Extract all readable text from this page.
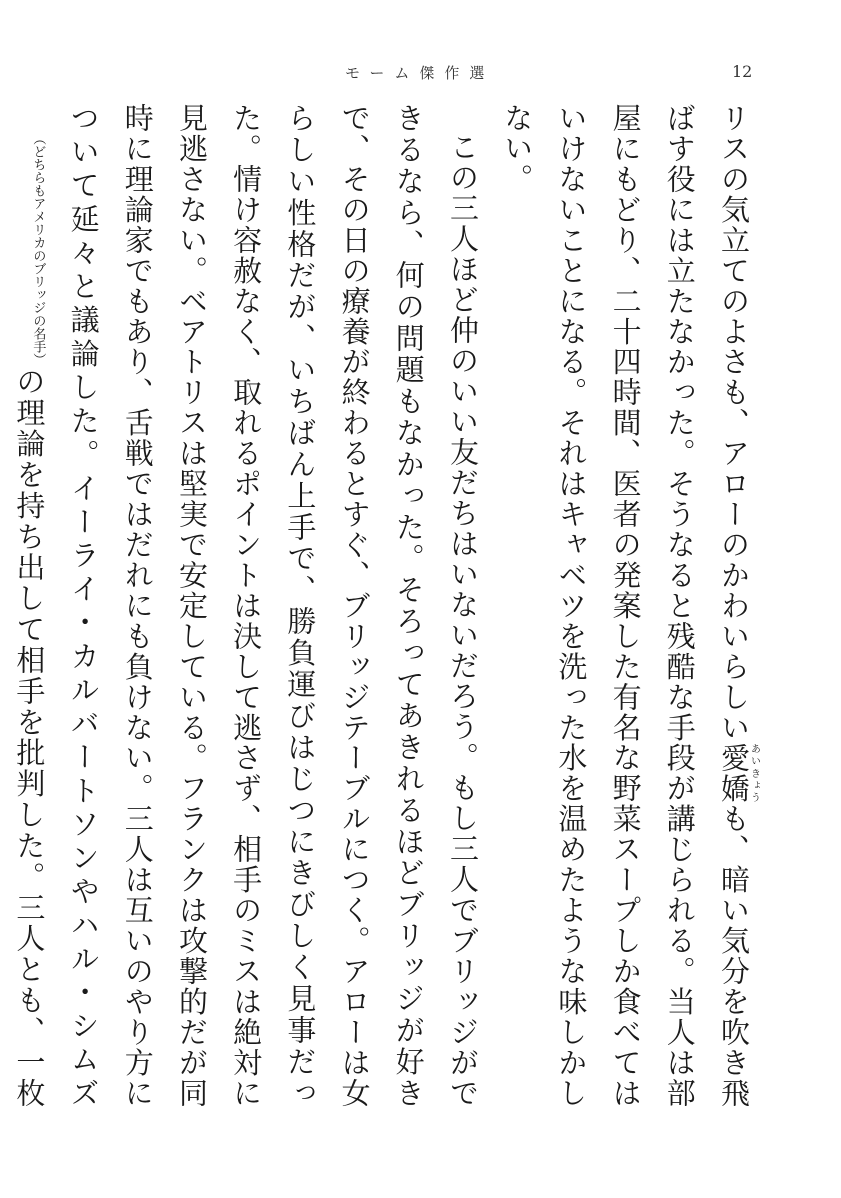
モーム傑作選	12

リスの気立てのよさも、アローのかわいらしい愛嬌あいきょうも、暗い気分を吹き飛ばす役には立たなかった。そうなると残酷な手段が講じられる。当人は部屋にもどり、二十四時間、医者の発案した有名な野菜スープしか食べてはいけないことになる。それはキャベツを洗った水を温めたような味しかしない。

この三人ほど仲のいい友だちはいないだろう。もし三人でブリッジができるなら、何の問題もなかった。そろってあきれるほどブリッジが好きで、その日の療養が終わるとすぐ、ブリッジテーブルにつく。アローは女らしい性格だが、いちばん上手で、勝負運びはじつにきびしく見事だった。情け容赦なく、取れるポイントは決して逃さず、相手のミスは絶対に見逃さない。ベアトリスは堅実で安定している。フランクは攻撃的だが同時に理論家でもあり、舌戦ではだれにも負けない。三人は互いのやり方について延々と議論した。イーライ・カルバートソンやハル・シムズ（どちらもアメリカのブリッジの名手）の理論を持ち出して相手を批判した。三人とも、一枚
